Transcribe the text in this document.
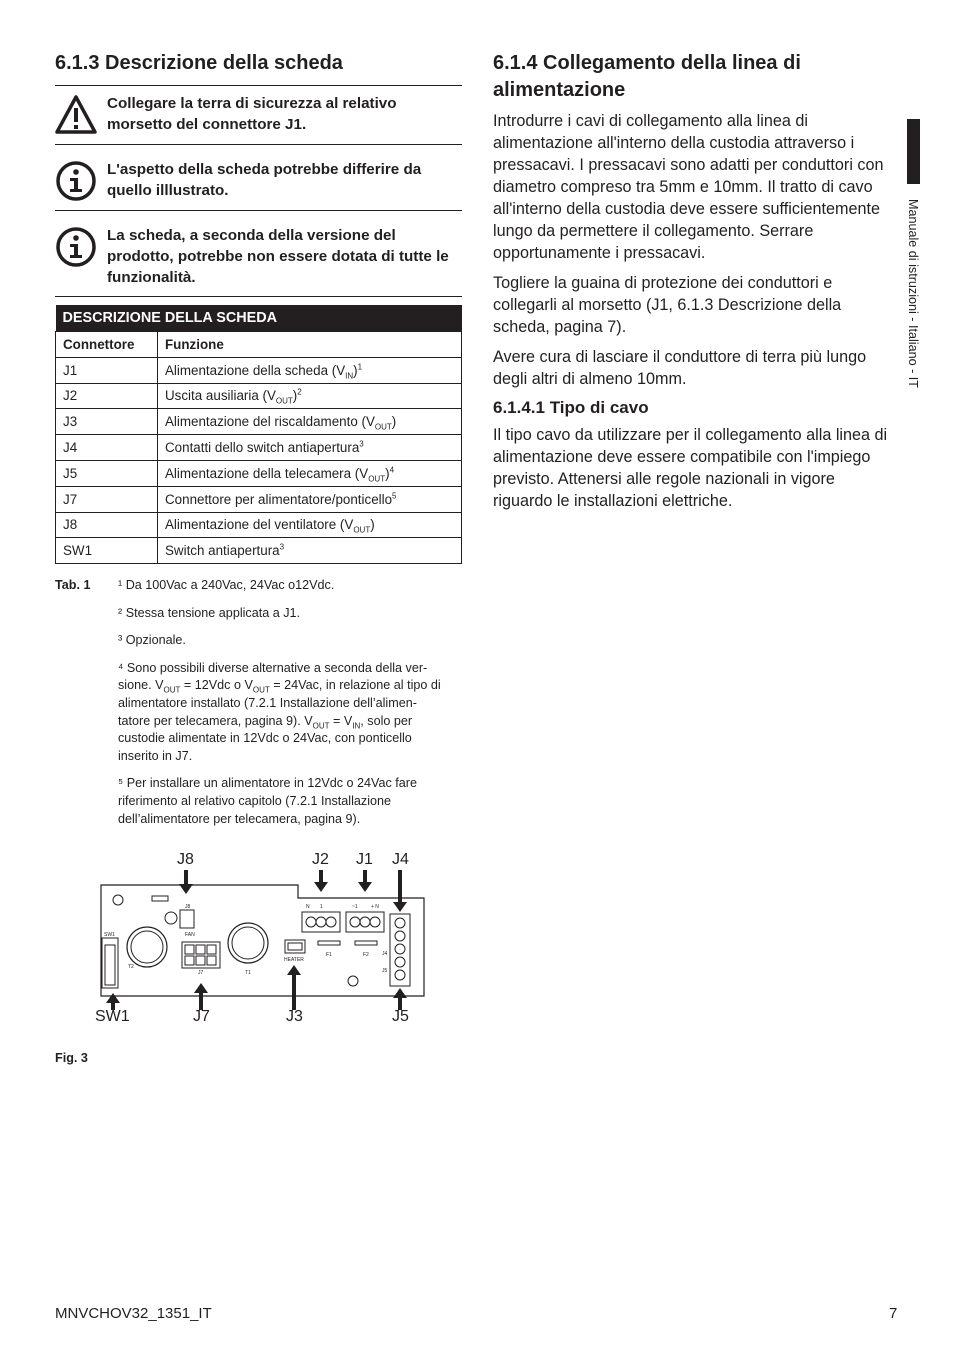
6.1.3 Descrizione della scheda
Collegare la terra di sicurezza al relativo morsetto del connettore J1.
L'aspetto della scheda potrebbe differire da quello illlustrato.
La scheda, a seconda della versione del prodotto, potrebbe non essere dotata di tutte le funzionalità.
DESCRIZIONE DELLA SCHEDA	
Connettore	Funzione
J1	Alimentazione della scheda $(V_{IN})^1$
J2	Uscita ausiliaria $(V_{OUT})^2$
J3	Alimentazione del riscaldamento $(V_{OUT})$
J4	Contatti dello switch antiapertura$^3$
J5	Alimentazione della telecamera $(V_{OUT})^4$
J7	Connettore per alimentatore/ponticello$^5$
J8	Alimentazione del ventilatore $(V_{OUT})$
SW1	Switch antiapertura$^3$
Tab. 1 ¹ Da 100Vac a 240Vac, 24Vac o12Vdc.
² Stessa tensione applicata a J1.
³ Opzionale.
⁴ Sono possibili diverse alternative a seconda della ver-
sione. $V_{OUT} = 12Vdc$ o $V_{OUT} = 24Vac$, in relazione al tipo di
alimentatore installato (7.2.1 Installazione dell’alimen-
tatore per telecamera, pagina 9). $V_{OUT} = V_{IN}$, solo per
custodie alimentate in 12Vdc o 24Vac, con ponticello
inserito in J7.
⁵ Per installare un alimentatore in 12Vdc o 24Vac fare riferimento al relativo capitolo (7.2.1 Installazione dell’alimentatore per telecamera, pagina 9).
J8
FAN
HEATER
T1
T2
J7
F1	F2	J4
J5
SW1
N 1	~1	+ N
J8	J2 J1 J4
SW1	J7	J3	J5
Fig. 3
6.1.4 Collegamento della linea di alimentazione

Introdurre i cavi di collegamento alla linea di alimentazione all'interno della custodia attraverso i pressacavi. I pressacavi sono adatti per conduttori con diametro compreso tra 5mm e 10mm. Il tratto di cavo all'interno della custodia deve essere sufficientemente lungo da permettere il collegamento. Serrare opportunamente i pressacavi.

Togliere la guaina di protezione dei conduttori e collegarli al morsetto (J1, 6.1.3 Descrizione della scheda, pagina 7).

Avere cura di lasciare il conduttore di terra più lungo degli altri di almeno 10mm.

6.1.4.1 Tipo di cavo

Il tipo cavo da utilizzare per il collegamento alla linea di alimentazione deve essere compatibile con l'impiego previsto. Attenersi alle regole nazionali in vigore riguardo le installazioni elettriche.

Manuale di istruzioni - Italiano - IT
MNVCHOV32_1351_IT	7
